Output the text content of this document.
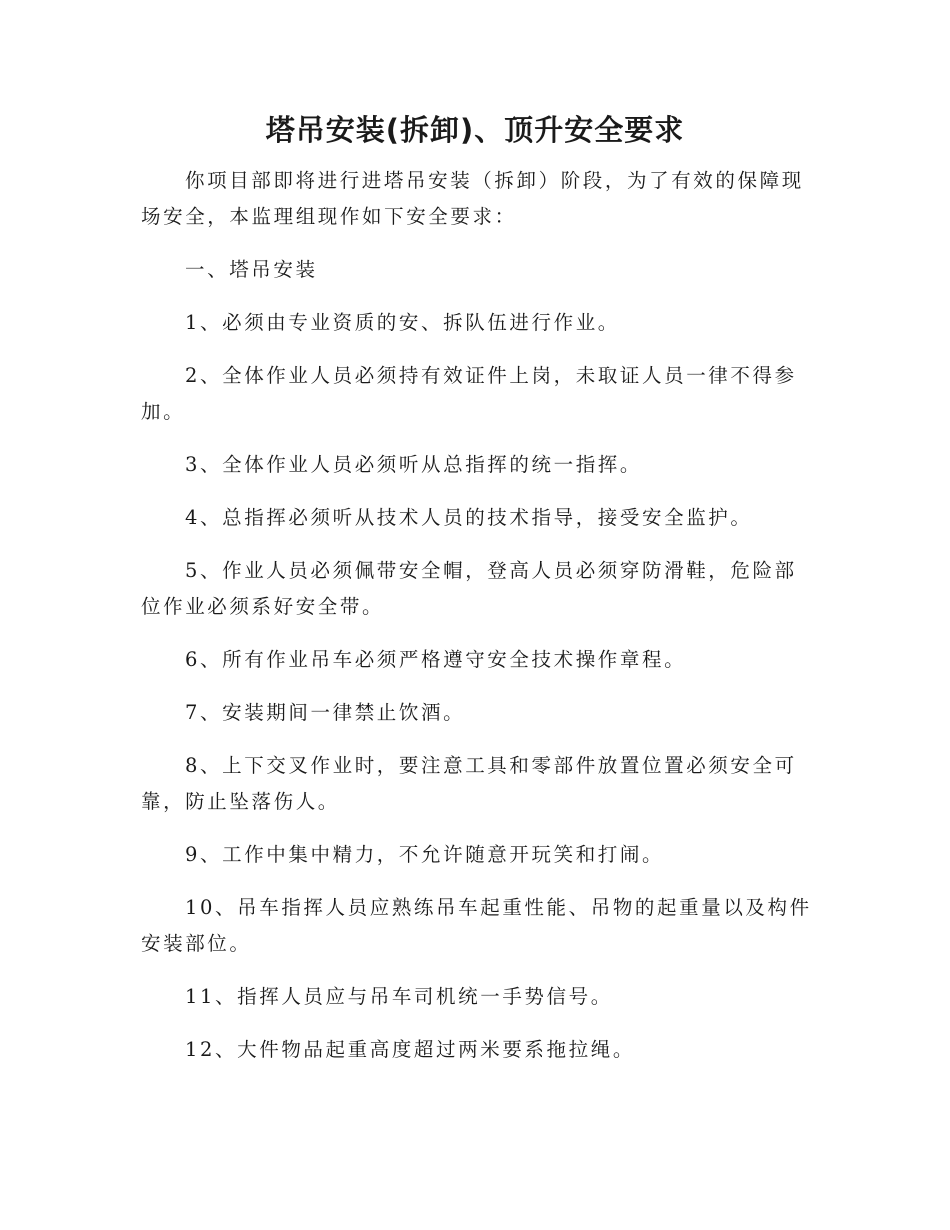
塔吊安装(拆卸)、顶升安全要求

你项目部即将进行进塔吊安装（拆卸）阶段，为了有效的保障现场安全，本监理组现作如下安全要求：

一、塔吊安装

1、必须由专业资质的安、拆队伍进行作业。

2、全体作业人员必须持有效证件上岗，未取证人员一律不得参加。

3、全体作业人员必须听从总指挥的统一指挥。

4、总指挥必须听从技术人员的技术指导，接受安全监护。

5、作业人员必须佩带安全帽，登高人员必须穿防滑鞋，危险部位作业必须系好安全带。

6、所有作业吊车必须严格遵守安全技术操作章程。

7、安装期间一律禁止饮酒。

8、上下交叉作业时，要注意工具和零部件放置位置必须安全可靠，防止坠落伤人。

9、工作中集中精力，不允许随意开玩笑和打闹。

10、吊车指挥人员应熟练吊车起重性能、吊物的起重量以及构件安装部位。

11、指挥人员应与吊车司机统一手势信号。

12、大件物品起重高度超过两米要系拖拉绳。
